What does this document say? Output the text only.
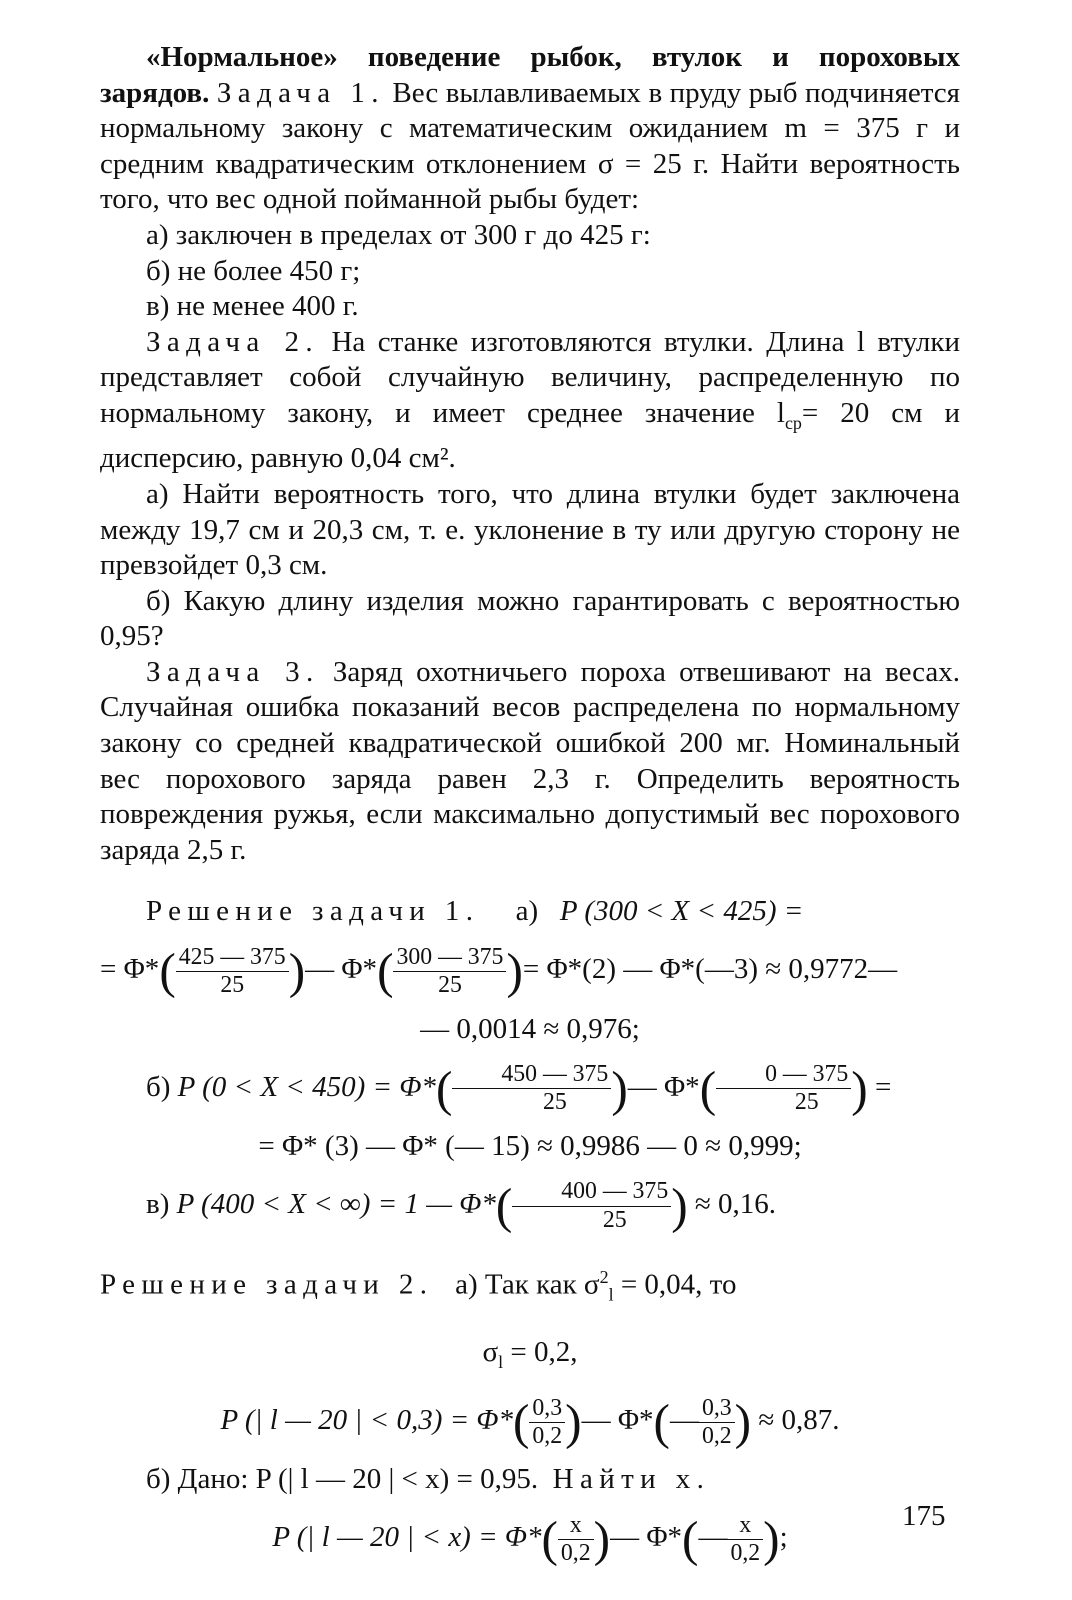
«Нормальное» поведение рыбок, втулок и пороховых зарядов. Задача 1. Вес вылавливаемых в пруду рыб подчиняется нормальному закону с математическим ожиданием m = 375 г и средним квадратическим отклонением σ = 25 г. Найти вероятность того, что вес одной пойманной рыбы будет:

а) заключен в пределах от 300 г до 425 г:

б) не более 450 г;

в) не менее 400 г.

Задача 2. На станке изготовляются втулки. Длина l втулки представляет собой случайную величину, распределенную по нормальному закону, и имеет среднее значение $l_{ср}= 20$ см и дисперсию, равную 0,04 см².

а) Найти вероятность того, что длина втулки будет заключена между 19,7 см и 20,3 см, т. е. уклонение в ту или другую сторону не превзойдет 0,3 см.

б) Какую длину изделия можно гарантировать с вероятностью 0,95?

Задача 3. Заряд охотничьего пороха отвешивают на весах. Случайная ошибка показаний весов распределена по нормальному закону со средней квадратической ошибкой 200 мг. Номинальный вес порохового заряда равен 2,3 г. Определить вероятность повреждения ружья, если максимально допустимый вес порохового заряда 2,5 г.

Решение задачи 1. а) P (300 < X < 425) =

= $\Phi*( \frac{425 — 375}{25}$ )— $\Phi*( \frac{300 — 375}{25}$ )= Φ*(2) — Φ*(—3) ≈ 0,9772—

— 0,0014 ≈ 0,976;

б) P $(0 < X < 450) = \Phi*( \frac{450 — 375}{25}$ )— $\Phi*( \frac{0 — 375}{25}$ ) =

= Φ* (3) — Φ* (— 15) ≈ 0,9986 — 0 ≈ 0,999;

в) P (400 < X < ∞) = 1 — $\Phi*( \frac{400 — 375}{25}$ ) ≈ 0,16.

Решение задачи 2. а) Так как $\sigma^2_l = 0,04$, то

$\sigma_l = 0,2$,

P (| l — 20 | < $0,3) = \Phi*( \frac{0,3}{0,2}$ )— Φ*(— $\frac{0,3}{0,2}$ ) ≈ 0,87.

б) Дано: P (| l — 20 | < x) = 0,95. Найти x.

P (| l — 20 | < $x) = \Phi*( \frac{x}{0,2}$ )— Φ*(— $\frac{x}{0,2}$ );

175
